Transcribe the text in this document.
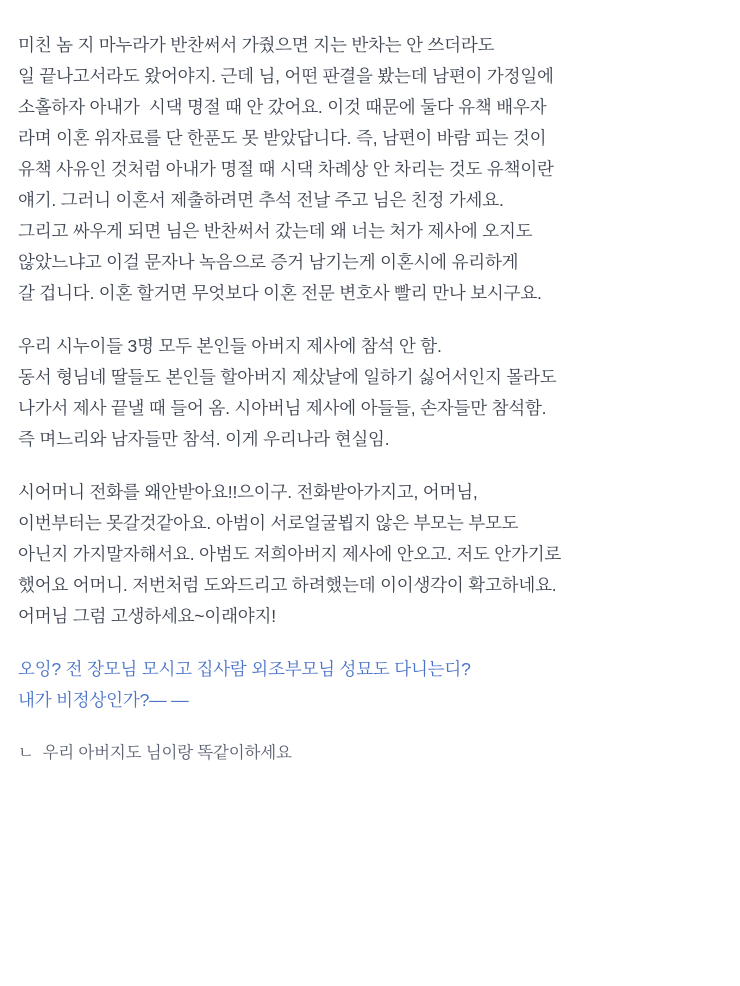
미친 놈 지 마누라가 반찬써서 가줬으면 지는 반차는 안 쓰더라도
일 끝나고서라도 왔어야지. 근데 님, 어떤 판결을 봤는데 남편이 가정일에
소홀하자 아내가  시댁 명절 때 안 갔어요. 이것 때문에 둘다 유책 배우자
라며 이혼 위자료를 단 한푼도 못 받았답니다. 즉, 남편이 바람 피는 것이
유책 사유인 것처럼 아내가 명절 때 시댁 차례상 안 차리는 것도 유책이란
얘기. 그러니 이혼서 제출하려면 추석 전날 주고 님은 친정 가세요.
그리고 싸우게 되면 님은 반찬써서 갔는데 왜 너는 처가 제사에 오지도
않았느냐고 이걸 문자나 녹음으로 증거 남기는게 이혼시에 유리하게
갈 겁니다. 이혼 할거면 무엇보다 이혼 전문 변호사 빨리 만나 보시구요.
우리 시누이들 3명 모두 본인들 아버지 제사에 참석 안 함.
동서 형님네 딸들도 본인들 할아버지 제샀날에 일하기 싫어서인지 몰라도
나가서 제사 끝낼 때 들어 옴. 시아버님 제사에 아들들, 손자들만 참석함.
즉 며느리와 남자들만 참석. 이게 우리나라 현실임.
시어머니 전화를 왜안받아요!!으이구. 전화받아가지고, 어머님,
이번부터는 못갈것같아요. 아범이 서로얼굴뵙지 않은 부모는 부모도
아닌지 가지말자해서요. 아범도 저희아버지 제사에 안오고. 저도 안가기로
했어요 어머니. 저번처럼 도와드리고 하려했는데 이이생각이 확고하네요.
어머님 그럼 고생하세요~이래야지!
오잉? 전 장모님 모시고 집사람 외조부모님 성묘도 다니는디?
내가 비정상인가?— —
ㄴ  우리 아버지도 님이랑 똑같이하세요
